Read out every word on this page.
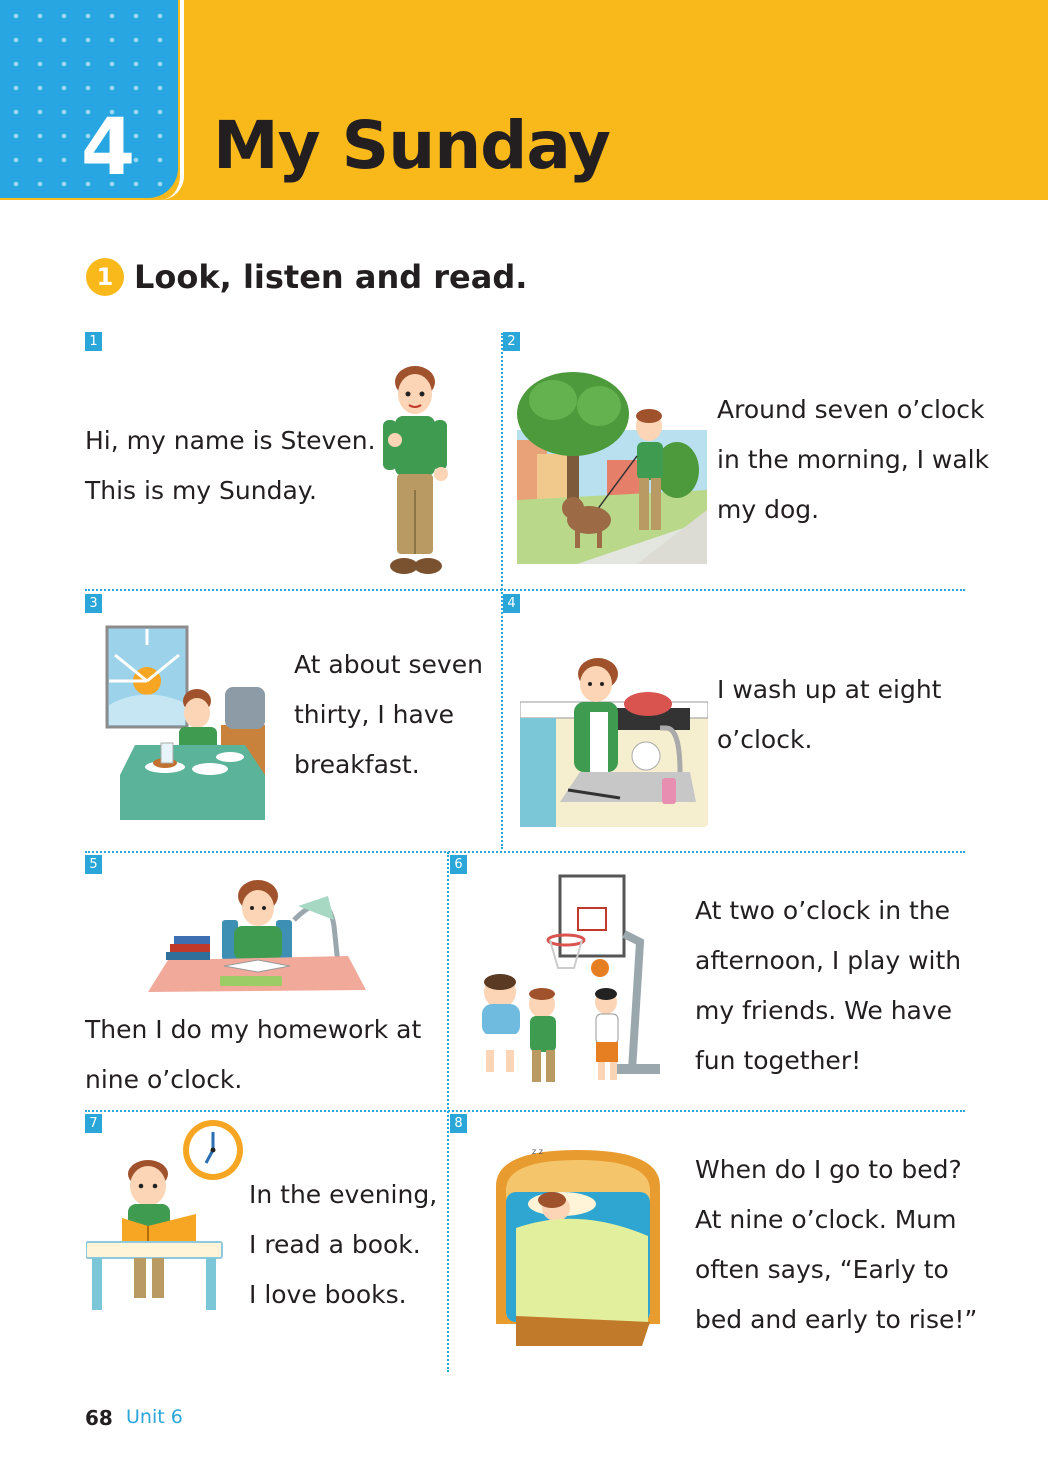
4 My Sunday
1 Look, listen and read.
1
Hi, my name is Steven.
This is my Sunday.
2
Around seven o’clock
in the morning, I walk
my dog.
3
At about seven
thirty, I have
breakfast.
4
I wash up at eight
o’clock.
5
Then I do my homework at
nine o’clock.
6
At two o’clock in the
afternoon, I play with
my friends. We have
fun together!
7
In the evening,
I read a book.
I love books.
8
z z
When do I go to bed?
At nine o’clock. Mum
often says, “Early to
bed and early to rise!”
68 Unit 6
